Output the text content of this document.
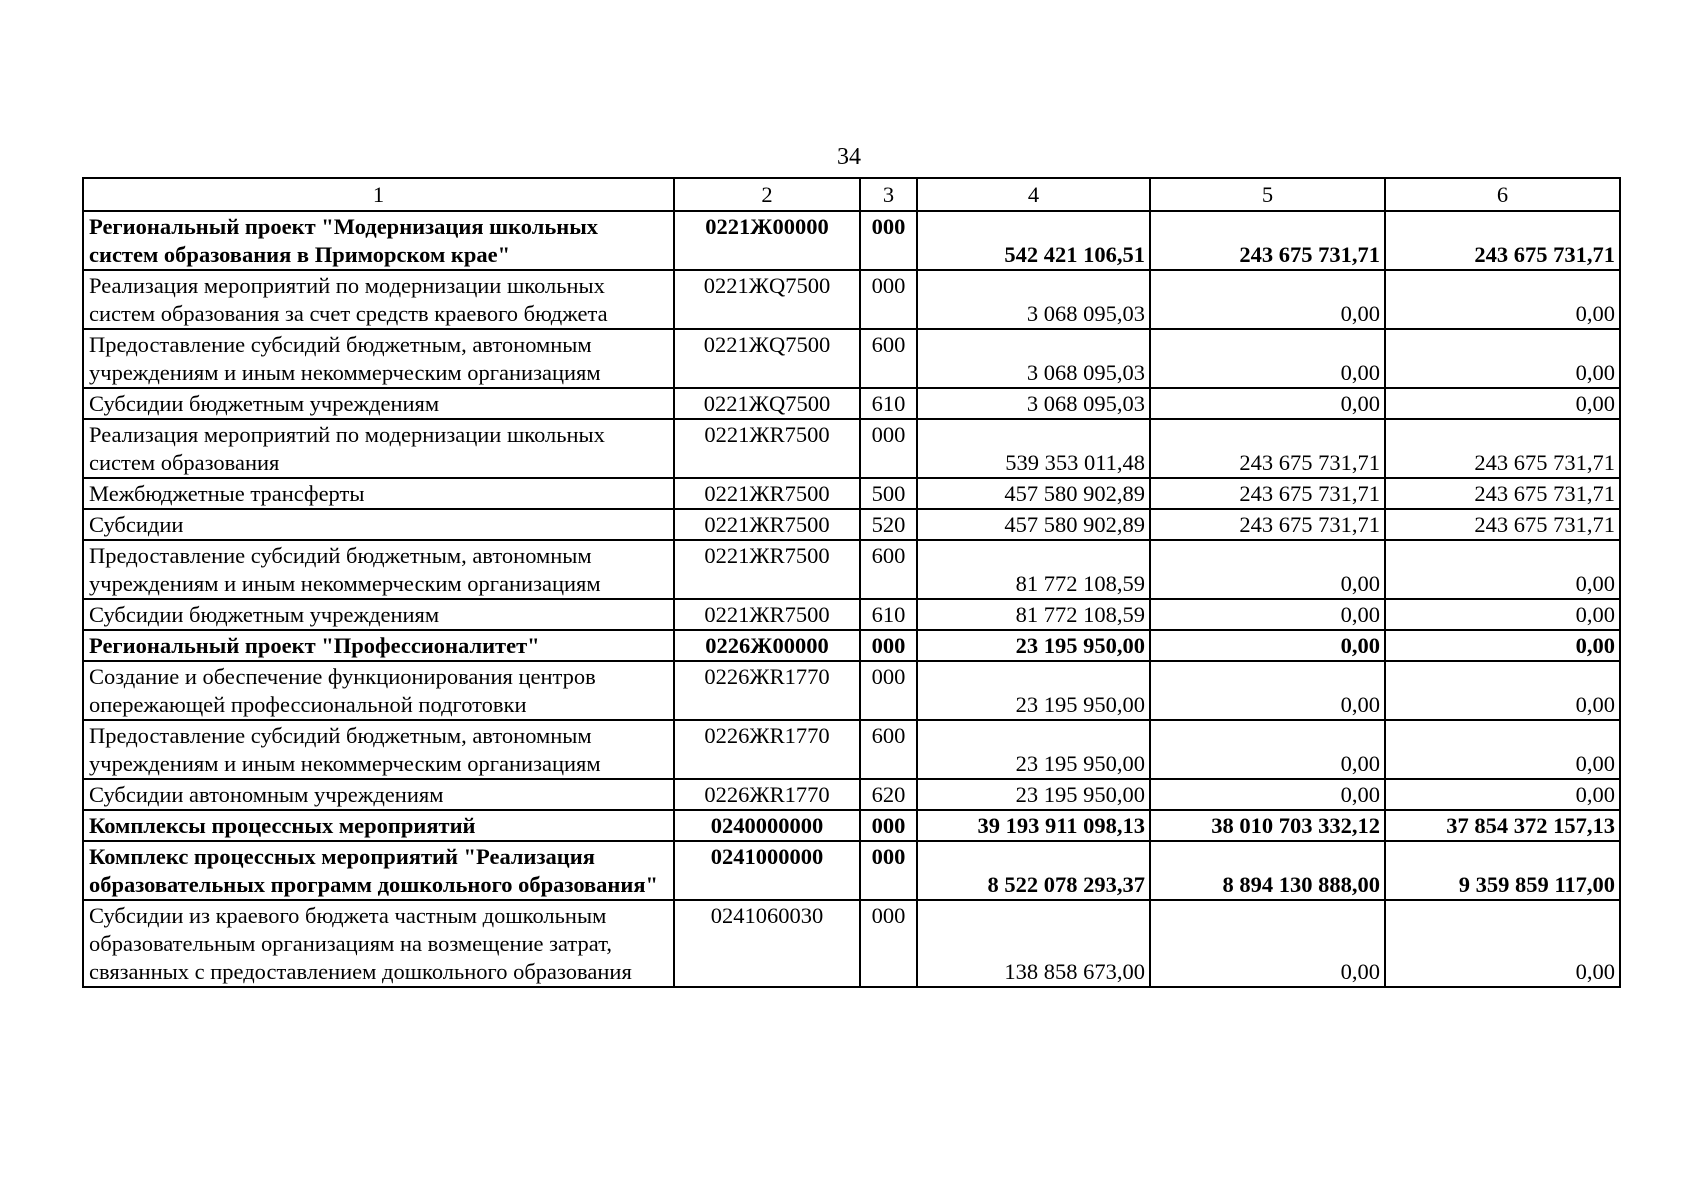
34
1	2	3	4	5	6
Региональный проект "Модернизация школьных систем образования в Приморском крае"	0221Ж00000	000	542 421 106,51	243 675 731,71	243 675 731,71
Реализация мероприятий по модернизации школьных систем образования за счет средств краевого бюджета	0221ЖQ7500	000	3 068 095,03	0,00	0,00
Предоставление субсидий бюджетным, автономным учреждениям и иным некоммерческим организациям	0221ЖQ7500	600	3 068 095,03	0,00	0,00
Субсидии бюджетным учреждениям	0221ЖQ7500	610	3 068 095,03	0,00	0,00
Реализация мероприятий по модернизации школьных систем образования	0221ЖR7500	000	539 353 011,48	243 675 731,71	243 675 731,71
Межбюджетные трансферты	0221ЖR7500	500	457 580 902,89	243 675 731,71	243 675 731,71
Субсидии	0221ЖR7500	520	457 580 902,89	243 675 731,71	243 675 731,71
Предоставление субсидий бюджетным, автономным учреждениям и иным некоммерческим организациям	0221ЖR7500	600	81 772 108,59	0,00	0,00
Субсидии бюджетным учреждениям	0221ЖR7500	610	81 772 108,59	0,00	0,00
Региональный проект "Профессионалитет"	0226Ж00000	000	23 195 950,00	0,00	0,00
Создание и обеспечение функционирования центров опережающей профессиональной подготовки	0226ЖR1770	000	23 195 950,00	0,00	0,00
Предоставление субсидий бюджетным, автономным учреждениям и иным некоммерческим организациям	0226ЖR1770	600	23 195 950,00	0,00	0,00
Субсидии автономным учреждениям	0226ЖR1770	620	23 195 950,00	0,00	0,00
Комплексы процессных мероприятий	0240000000	000	39 193 911 098,13	38 010 703 332,12	37 854 372 157,13
Комплекс процессных мероприятий "Реализация образовательных программ дошкольного образования"	0241000000	000	8 522 078 293,37	8 894 130 888,00	9 359 859 117,00
Субсидии из краевого бюджета частным дошкольным образовательным организациям на возмещение затрат, связанных с предоставлением дошкольного образования	0241060030	000	138 858 673,00	0,00	0,00
